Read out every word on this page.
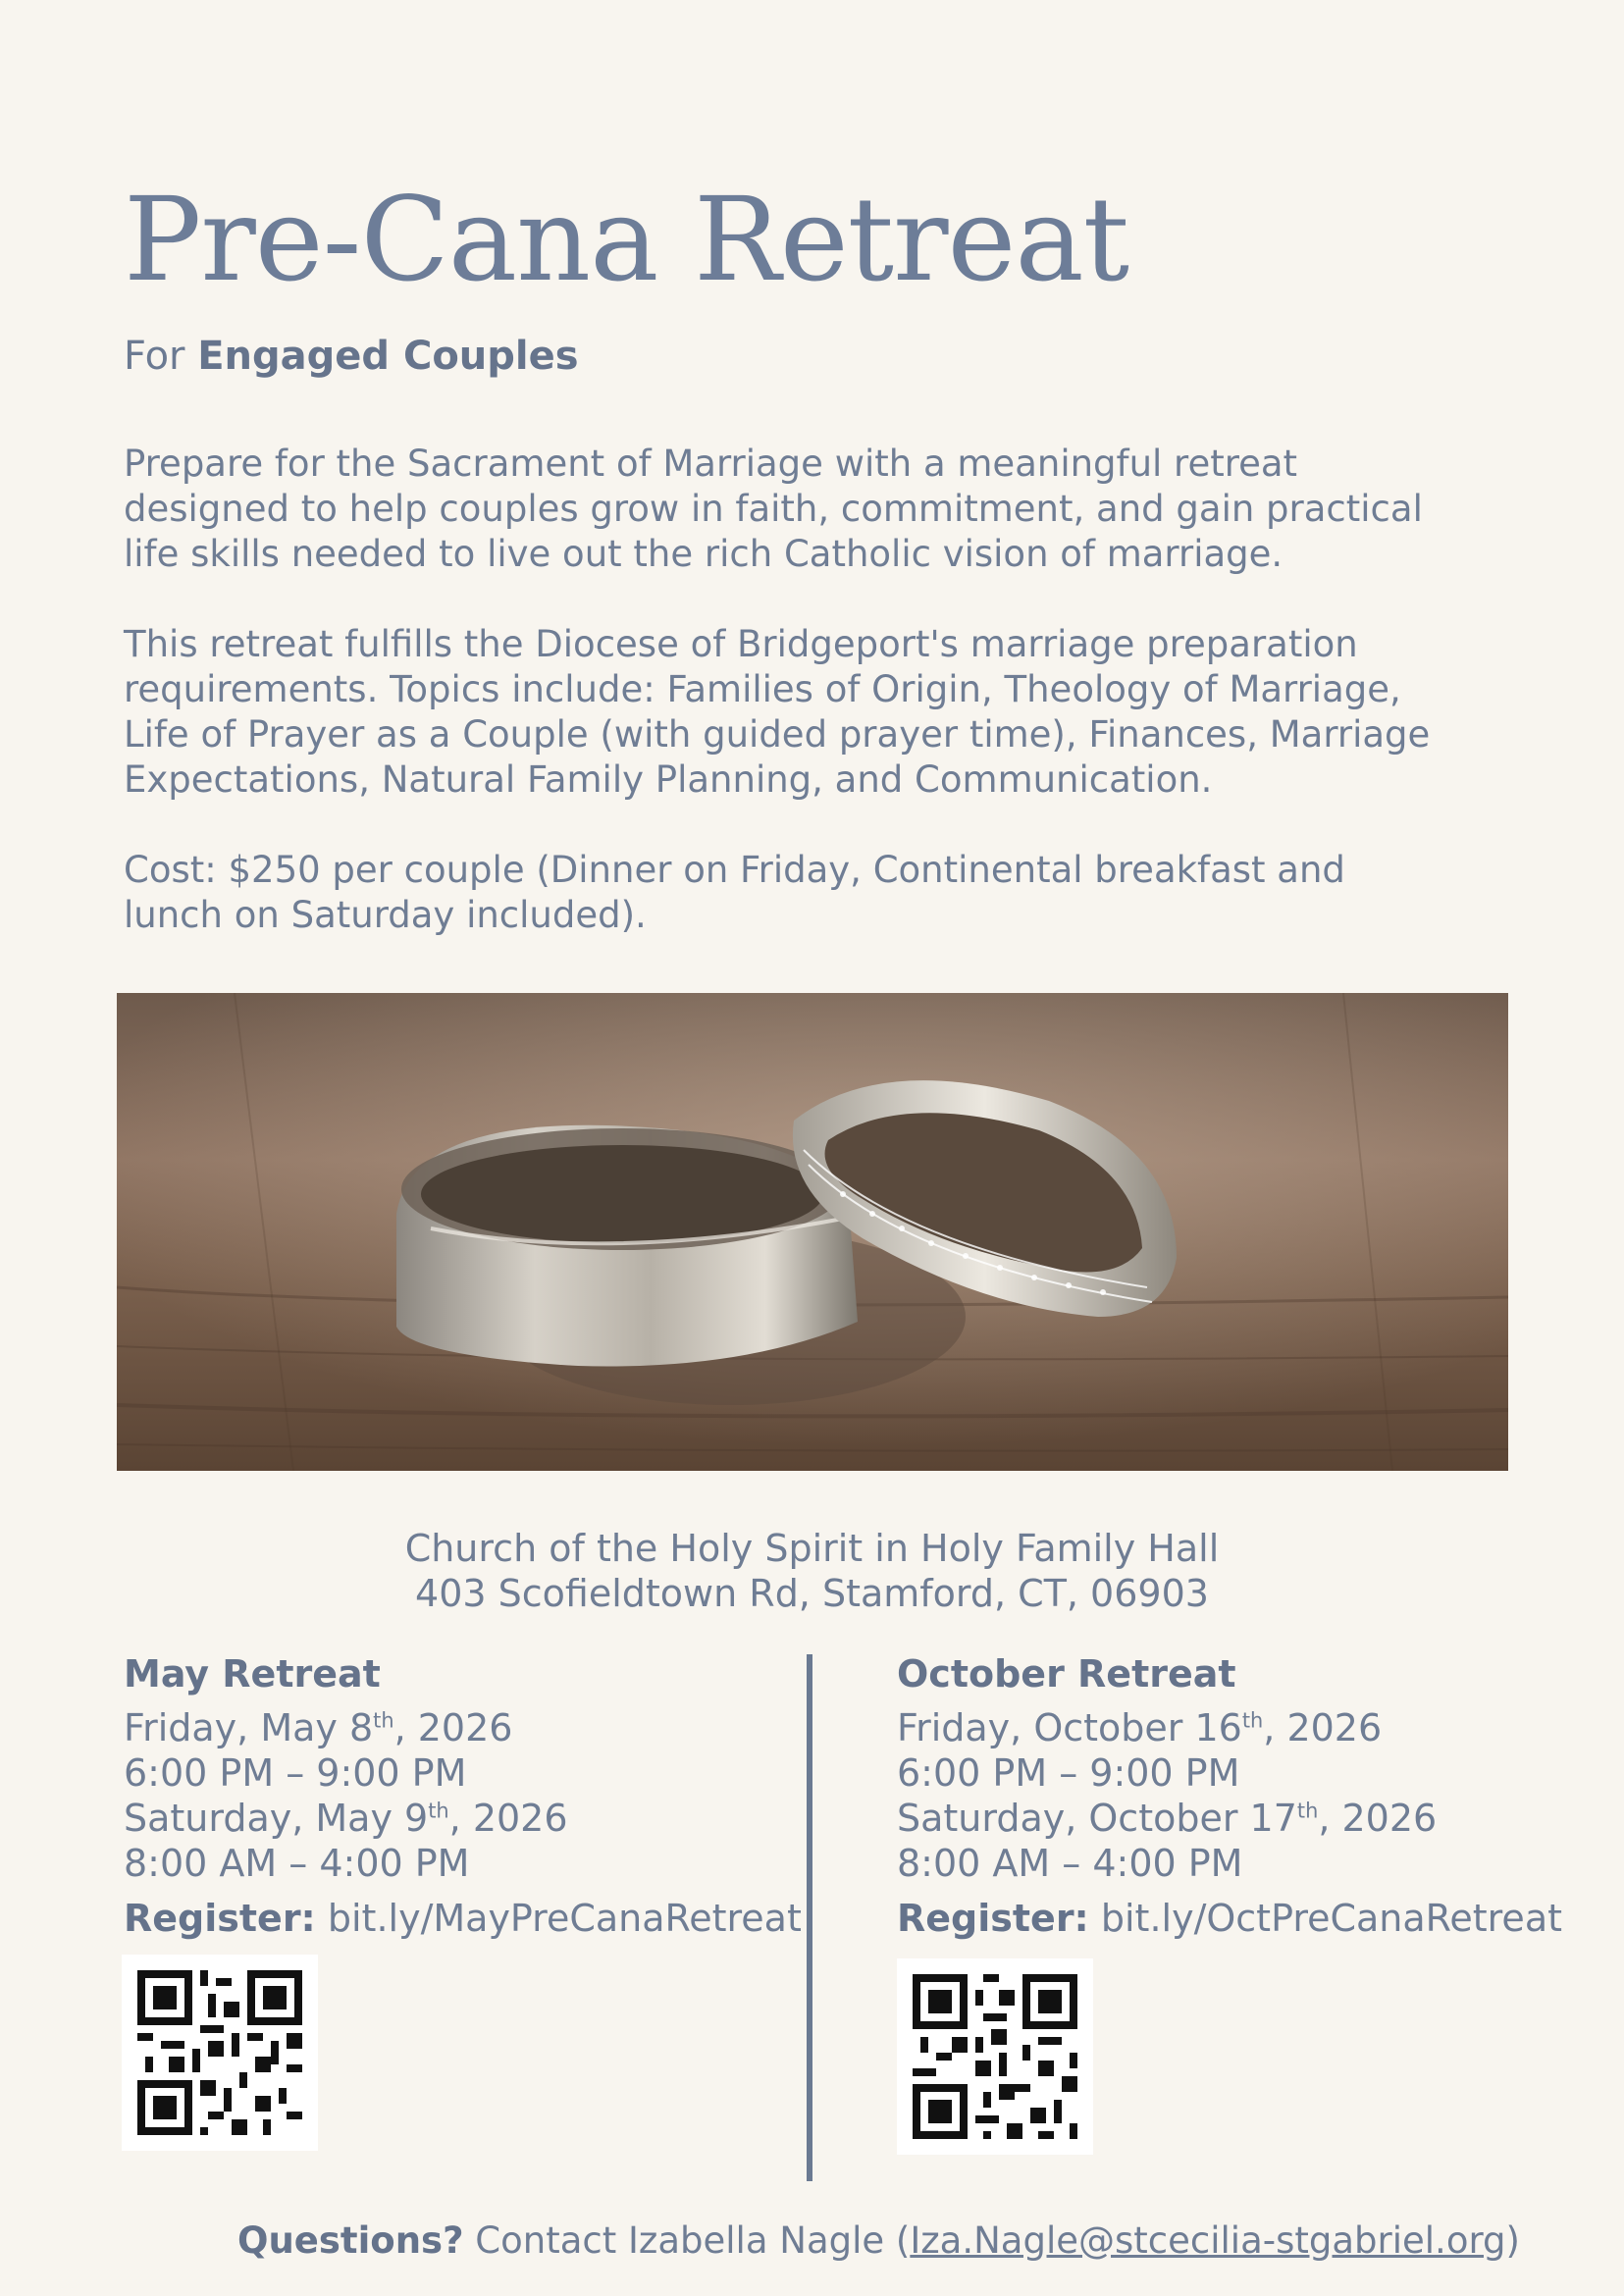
Pre-Cana Retreat
For Engaged Couples

Prepare for the Sacrament of Marriage with a meaningful retreat designed to help couples grow in faith, commitment, and gain practical life skills needed to live out the rich Catholic vision of marriage.

This retreat fulfills the Diocese of Bridgeport's marriage preparation requirements. Topics include: Families of Origin, Theology of Marriage, Life of Prayer as a Couple (with guided prayer time), Finances, Marriage Expectations, Natural Family Planning, and Communication.

Cost: $250 per couple (Dinner on Friday, Continental breakfast and lunch on Saturday included).

Church of the Holy Spirit in Holy Family Hall
403 Scofieldtown Rd, Stamford, CT, 06903
May Retreat
Friday, May 8th, 2026
6:00 PM – 9:00 PM
Saturday, May 9th, 2026
8:00 AM – 4:00 PM
Register: bit.ly/MayPreCanaRetreat
October Retreat
Friday, October 16th, 2026
6:00 PM – 9:00 PM
Saturday, October 17th, 2026
8:00 AM – 4:00 PM
Register: bit.ly/OctPreCanaRetreat
Questions? Contact Izabella Nagle (Iza.Nagle@stcecilia-stgabriel.org)
